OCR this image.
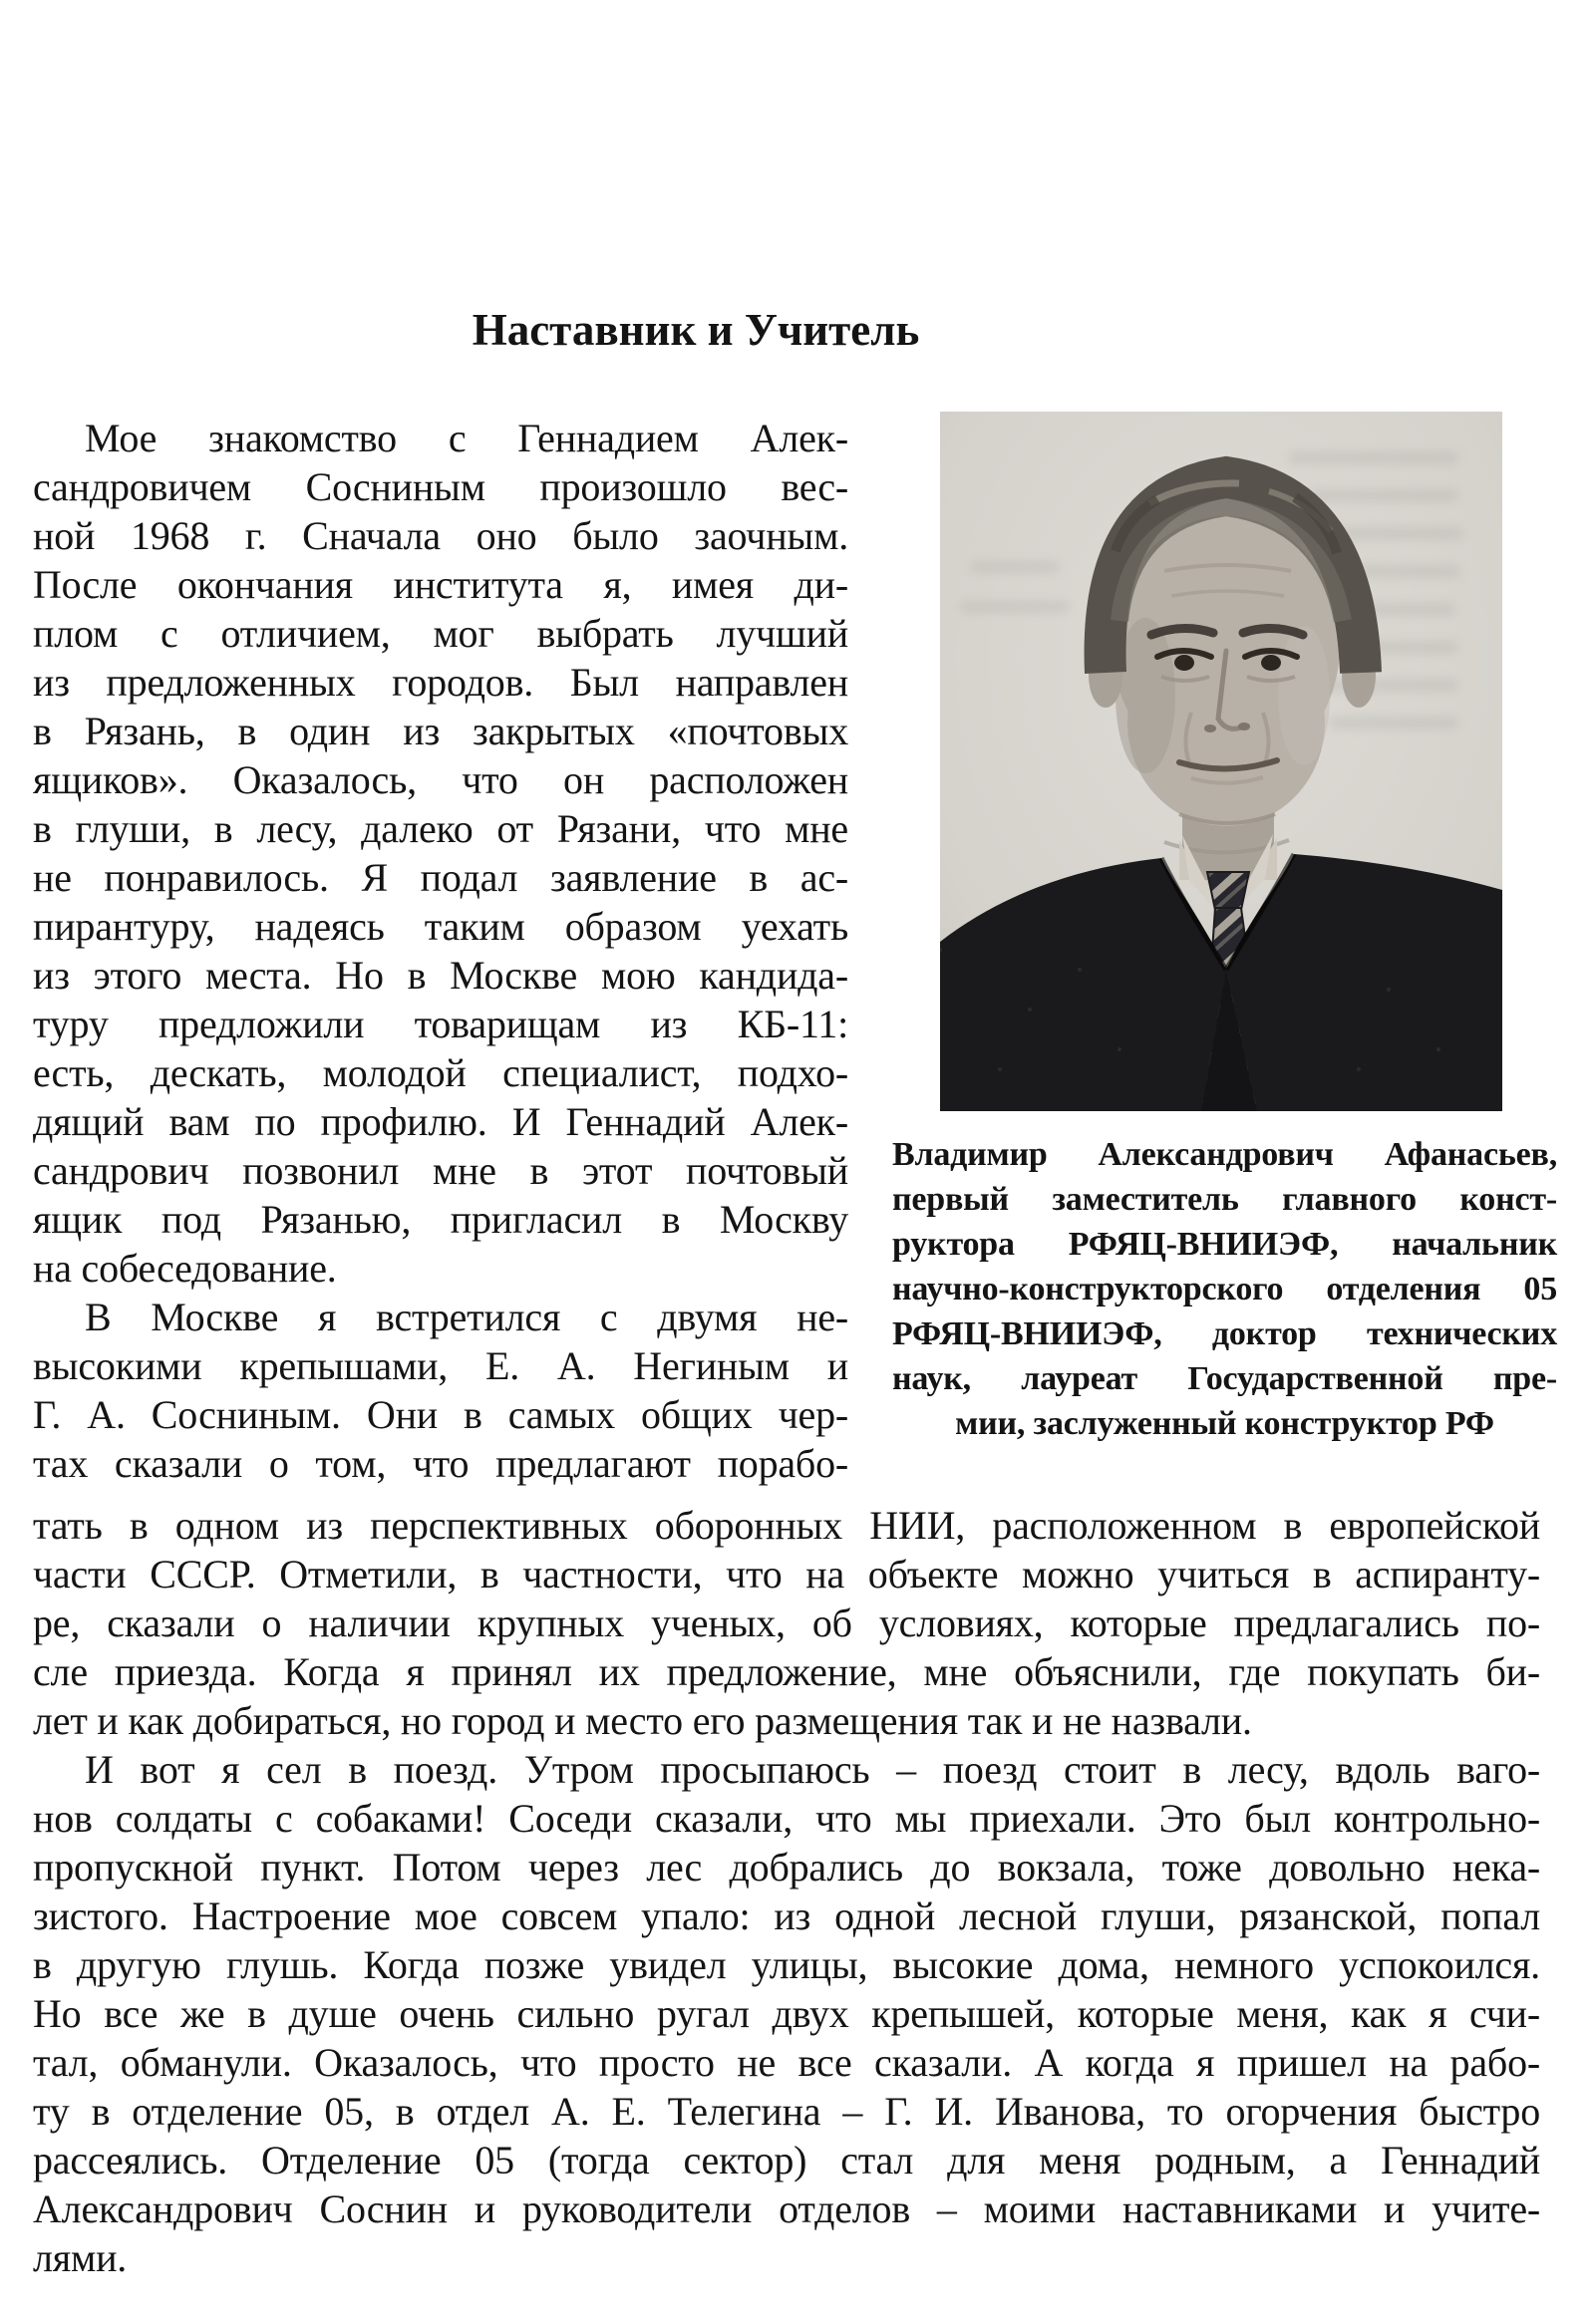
Наставник и Учитель
Мое знакомство с Геннадием Алек-
сандровичем Сосниным произошло вес-
ной 1968 г. Сначала оно было заочным.
После окончания института я, имея ди-
плом с отличием, мог выбрать лучший
из предложенных городов. Был направлен
в Рязань, в один из закрытых «почтовых
ящиков». Оказалось, что он расположен
в глуши, в лесу, далеко от Рязани, что мне
не понравилось. Я подал заявление в ас-
пирантуру, надеясь таким образом уехать
из этого места. Но в Москве мою кандида-
туру предложили товарищам из КБ-11:
есть, дескать, молодой специалист, подхо-
дящий вам по профилю. И Геннадий Алек-
сандрович позвонил мне в этот почтовый
ящик под Рязанью, пригласил в Москву
на собеседование.
В Москве я встретился с двумя не-
высокими крепышами, Е. А. Негиным и
Г. А. Сосниным. Они в самых общих чер-
тах сказали о том, что предлагают порабо-
Владимир Александрович Афанасьев,
первый заместитель главного конст-
руктора РФЯЦ-ВНИИЭФ, начальник
научно-конструкторского отделения 05
РФЯЦ-ВНИИЭФ, доктор технических
наук, лауреат Государственной пре-
мии, заслуженный конструктор РФ
тать в одном из перспективных оборонных НИИ, расположенном в европейской
части СССР. Отметили, в частности, что на объекте можно учиться в аспиранту-
ре, сказали о наличии крупных ученых, об условиях, которые предлагались по-
сле приезда. Когда я принял их предложение, мне объяснили, где покупать би-
лет и как добираться, но город и место его размещения так и не назвали.
И вот я сел в поезд. Утром просыпаюсь – поезд стоит в лесу, вдоль ваго-
нов солдаты с собаками! Соседи сказали, что мы приехали. Это был контрольно-
пропускной пункт. Потом через лес добрались до вокзала, тоже довольно нека-
зистого. Настроение мое совсем упало: из одной лесной глуши, рязанской, попал
в другую глушь. Когда позже увидел улицы, высокие дома, немного успокоился.
Но все же в душе очень сильно ругал двух крепышей, которые меня, как я счи-
тал, обманули. Оказалось, что просто не все сказали. А когда я пришел на рабо-
ту в отделение 05, в отдел А. Е. Телегина – Г. И. Иванова, то огорчения быстро
рассеялись. Отделение 05 (тогда сектор) стал для меня родным, а Геннадий
Александрович Соснин и руководители отделов – моими наставниками и учите-
лями.
